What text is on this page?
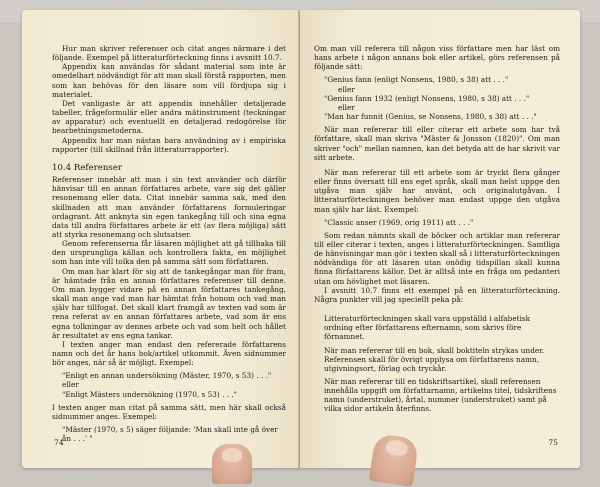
Hur man skriver referenser och citat anges närmare i det följande. Exempel på litteraturförteckning finns i avsnitt 10.7.

Appendix kan användas för sådant material som inte är omedelbart nödvändigt för att man skall förstå rapporten, men som kan behövas för den läsare som vill fördjupa sig i materialet.

Det vanligaste är att appendix innehåller detaljerade tabeller, frågeformulär eller andra mätinstrument (teckningar av apparatur) och eventuellt en detaljerad redogörelse för bearbetningsmetoderna.

Appendix har man nästan bara användning av i empiriska rapporter (till skillnad från litteraturrapporter).

10.4 Referenser

Referenser innebär att man i sin text använder och därför hänvisar till en annan författares arbete, vare sig det gäller resonemang eller data. Citat innebär samma sak, med den skillnaden att man använder författarens formuleringar ordagrant. Att anknyta sin egen tankegång till och sina egna data till andra författares arbete är ett (av flera möjliga) sätt att styrka resonemang och slutsatser.

Genom referenserna får läsaren möjlighet att gå tillbaka till den ursprungliga källan och kontrollera fakta, en möjlighet som han inte vill tolka den på samma sätt som författaren.

Om man har klart för sig att de tankegångar man för fram, är hämtade från en annan författares referenser till denne. Om man bygger vidare på en annan författares tankegång, skall man ange vad man har hämtat från honom och vad man själv har tillfogat. Det skall klart framgå av texten vad som är rena referat av en annan författares arbete, vad som är ens egna tolkningar av dennes arbete och vad som helt och hållet är resultatet av ens egna tankar.

I texten anger man endast den refererade författarens namn och det år hans bok/artikel utkommit. Även sidnummer bör anges, när så är möjligt. Exempel:

"Enligt en annan undersökning (Mäster, 1970, s 53) . . ." eller

"Enligt Mästers undersökning (1970, s 53) . . ."

I texten anger man citat på samma sätt, men här skall också sidnummer anges. Exempel:

"Mäster (1970, s 5) säger följande: 'Man skall inte gå över ån . . .' "

74

Om man vill referera till någon viss författare men har läst om hans arbete i någon annans bok eller artikel, görs referensen på följande sätt:

"Genius fann (enligt Nonsens, 1980, s 38) att . . ."

eller

"Genius fann 1932 (enligt Nonsens, 1980, s 38) att . . ."

eller

"Man har funnit (Genius, se Nonsens, 1980, s 38) att . . ."

När man refererar till eller citerar ett arbete som har två författare, skall man skriva "Mäster & Jonsson (1820)". Om man skriver "och" mellan namnen, kan det betyda att de har skrivit var sitt arbete.

När man refererar till ett arbete som är tryckt flera gånger eller finns översatt till ens eget språk, skall man helst uppge den utgåva man själv har använt, och originalutgåvan. I litteraturförteckningen behöver man endast uppge den utgåva man själv har läst. Exempel:

"Classic anser (1969, orig 1911) att . . ."

Som redan nämnts skall de böcker och artiklar man refererar till eller citerar i texten, anges i litteraturförteckningen. Samtliga de hänvisningar man gör i texten skall så i litteraturförteckningen nödvändiga för att läsaren utan onödig tidspillan skall kunna finna författarens källor. Det är alltså inte en fråga om pedanteri utan om hövlighet mot läsaren.

I avsnitt 10.7 finns ett exempel på en litteraturförteckning. Några punkter vill jag speciellt peka på:

Litteraturförteckningen skall vara uppställd i alfabetisk ordning efter författarens efternamn, som skrivs före förnamnet.

När man refererar till en bok, skall boktiteln strykas under. Referensen skall för övrigt upplysa om författarens namn, utgivningsort, förlag och tryckår.

När man refererar till en tidskriftsartikel, skall referensen innehålla uppgift om författarnamn, artikelns titel, tidskriftens namn (understruket), årtal, nummer (understruket) samt på vilka sidor artikeln återfinns.

75
